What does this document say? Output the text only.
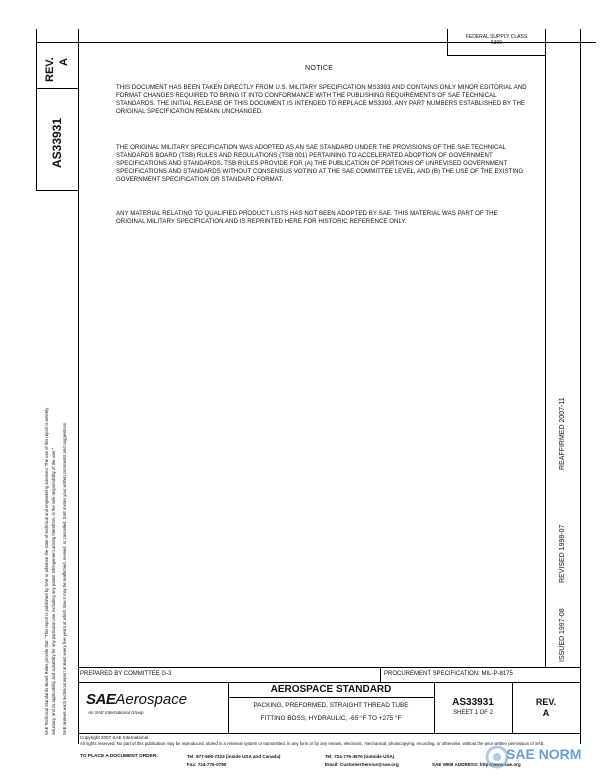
REV. A
AS33931
SAE Technical Standards Board Rules provide that: "This report is published by SAE to advance the state of technical and engineering sciences. The use of this report is entirely voluntary, and its applicability and suitability for any particular use, including any patent infringement arising therefrom, is the sole responsibility of the user." SAE reviews each technical report at least every five years at which time it may be reaffirmed, revised, or cancelled. SAE invites your written comments and suggestions.
FEDERAL SUPPLY CLASS
5309
NOTICE
THIS DOCUMENT HAS BEEN TAKEN DIRECTLY FROM U.S. MILITARY SPECIFICATION MS3393 AND CONTAINS ONLY MINOR EDITORIAL AND FORMAT CHANGES REQUIRED TO BRING IT INTO CONFORMANCE WITH THE PUBLISHING REQUIREMENTS OF SAE TECHNICAL STANDARDS. THE INITIAL RELEASE OF THIS DOCUMENT IS INTENDED TO REPLACE MS3393. ANY PART NUMBERS ESTABLISHED BY THE ORIGINAL SPECIFICATION REMAIN UNCHANGED.
THE ORIGINAL MILITARY SPECIFICATION WAS ADOPTED AS AN SAE STANDARD UNDER THE PROVISIONS OF THE SAE TECHNICAL STANDARDS BOARD (TSB) RULES AND REGULATIONS (TSB 001) PERTAINING TO ACCELERATED ADOPTION OF GOVERNMENT SPECIFICATIONS AND STANDARDS. TSB RULES PROVIDE FOR (A) THE PUBLICATION OF PORTIONS OF UNREVISED GOVERNMENT SPECIFICATIONS AND STANDARDS WITHOUT CONSENSUS VOTING AT THE SAE COMMITTEE LEVEL, AND (B) THE USE OF THE EXISTING GOVERNMENT SPECIFICATION OR STANDARD FORMAT.
ANY MATERIAL RELATING TO QUALIFIED PRODUCT LISTS HAS NOT BEEN ADOPTED BY SAE. THIS MATERIAL WAS PART OF THE ORIGINAL MILITARY SPECIFICATION AND IS REPRINTED HERE FOR HISTORIC REFERENCE ONLY.
ISSUED 1997-08
REVISED 1998-07
REAFFIRMED 2007-11
PREPARED BY COMMITTEE G-3	PROCUREMENT SPECIFICATION: MIL-P-8175
SAEAerospace
An SAE International Group
AEROSPACE STANDARD
PACKING, PREFORMED, STRAIGHT THREAD TUBE
FITTING BOSS, HYDRAULIC, -65 °F TO +275 °F
AS33931
SHEET 1 OF 2
REV.
A
Copyright 2007 SAE International
All rights reserved. No part of this publication may be reproduced, stored in a retrieval system or transmitted, in any form or by any means, electronic, mechanical, photocopying, recording, or otherwise, without the prior written permission of SAE.
TO PLACE A DOCUMENT ORDER:	Tel: 877-606-7323 (inside USA and Canada)	Tel: 724-776-4970 (outside USA)
Fax: 724-776-0790	Email: CustomerService@sae.org	SAE WEB ADDRESS: http://www.sae.org
SAE NORM
